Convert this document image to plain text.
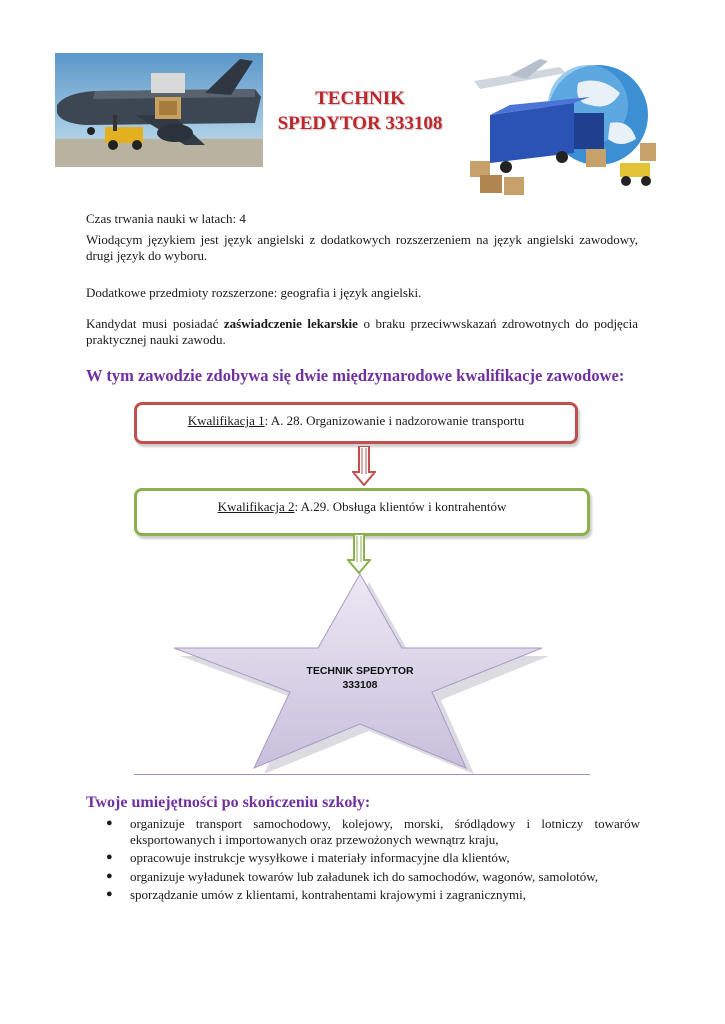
TECHNIK
SPEDYTOR 333108

Czas trwania nauki w latach: 4

Wiodącym językiem jest język angielski z dodatkowych rozszerzeniem na język angielski zawodowy, drugi język do wyboru.

Dodatkowe przedmioty rozszerzone: geografia i język angielski.

Kandydat musi posiadać zaświadczenie lekarskie o braku przeciwwskazań zdrowotnych do podjęcia praktycznej nauki zawodu.

W tym zawodzie zdobywa się dwie międzynarodowe kwalifikacje zawodowe:
Kwalifikacja 1: A. 28. Organizowanie i nadzorowanie transportu
Kwalifikacja 2: A.29. Obsługa klientów i kontrahentów
TECHNIK SPEDYTOR
333108
Twoje umiejętności po skończeniu szkoły:
● organizuje transport samochodowy, kolejowy, morski, śródlądowy i lotniczy towarów eksportowanych i importowanych oraz przewożonych wewnątrz kraju,
● opracowuje instrukcje wysyłkowe i materiały informacyjne dla klientów,
● organizuje wyładunek towarów lub załadunek ich do samochodów, wagonów, samolotów,
● sporządzanie umów z klientami, kontrahentami krajowymi i zagranicznymi,
